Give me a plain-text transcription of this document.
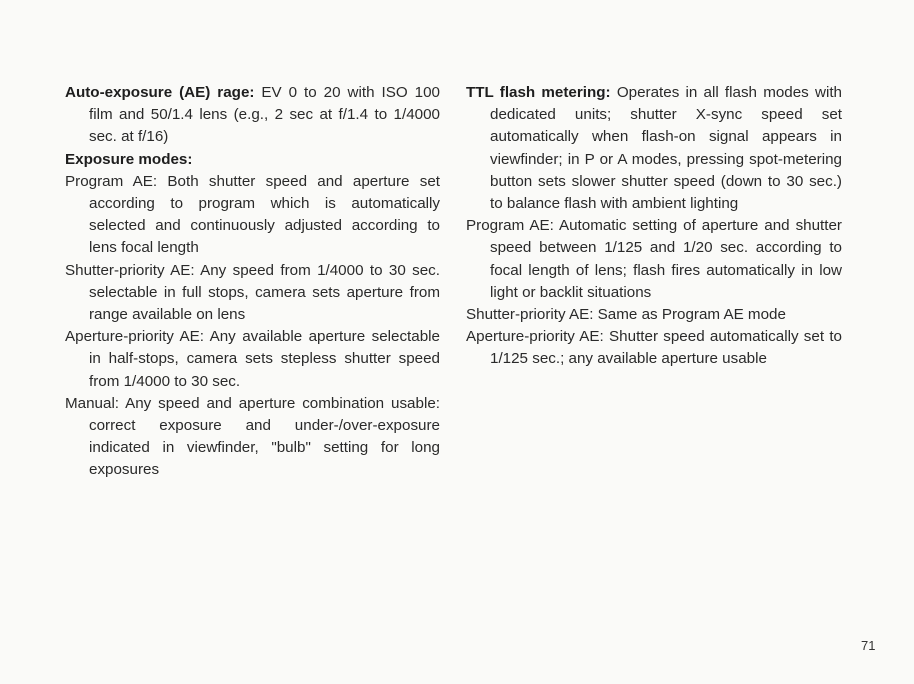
Auto-exposure (AE) rage: EV 0 to 20 with ISO 100 film and 50/1.4 lens (e.g., 2 sec at f/1.4 to 1/4000 sec. at f/16)

Exposure modes:

Program AE: Both shutter speed and aperture set according to program which is automatically selected and continuously adjusted according to lens focal length

Shutter-priority AE: Any speed from 1/4000 to 30 sec. selectable in full stops, camera sets aperture from range available on lens

Aperture-priority AE: Any available aperture selectable in half-stops, camera sets stepless shutter speed from 1/4000 to 30 sec.

Manual: Any speed and aperture combination usable: correct exposure and under-/over-exposure indicated in viewfinder, "bulb" setting for long exposures

TTL flash metering: Operates in all flash modes with dedicated units; shutter X-sync speed set automatically when flash-on signal appears in viewfinder; in P or A modes, pressing spot-metering button sets slower shutter speed (down to 30 sec.) to balance flash with ambient lighting

Program AE: Automatic setting of aperture and shutter speed between 1/125 and 1/20 sec. according to focal length of lens; flash fires automatically in low light or backlit situations

Shutter-priority AE: Same as Program AE mode

Aperture-priority AE: Shutter speed automatically set to 1/125 sec.; any available aperture usable

71
